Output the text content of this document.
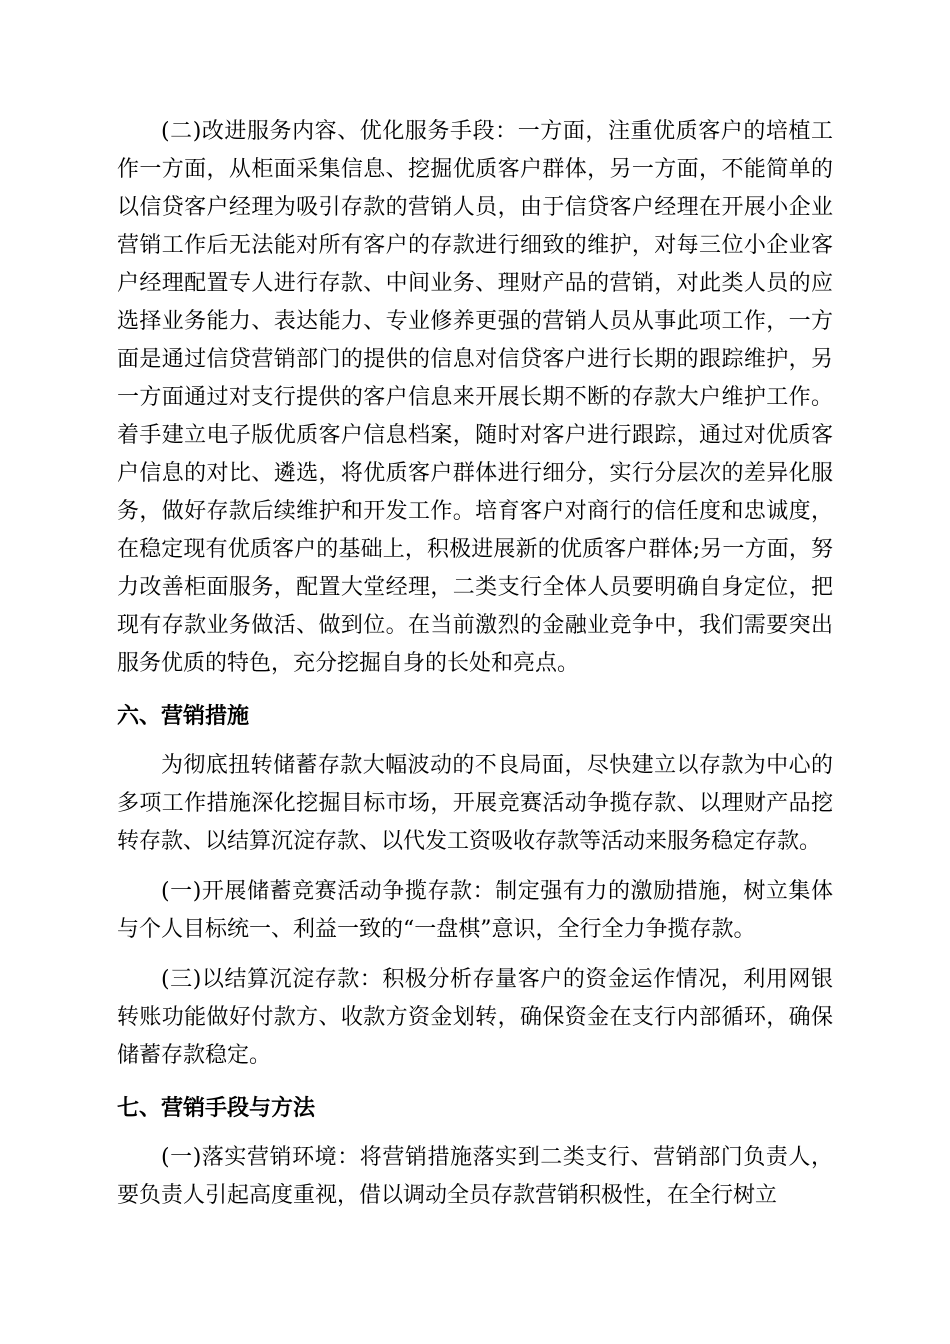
(二)改进服务内容、优化服务手段：一方面，注重优质客户的培植工作一方面，从柜面采集信息、挖掘优质客户群体，另一方面，不能简单的以信贷客户经理为吸引存款的营销人员，由于信贷客户经理在开展小企业营销工作后无法能对所有客户的存款进行细致的维护，对每三位小企业客户经理配置专人进行存款、中间业务、理财产品的营销，对此类人员的应选择业务能力、表达能力、专业修养更强的营销人员从事此项工作，一方面是通过信贷营销部门的提供的信息对信贷客户进行长期的跟踪维护，另一方面通过对支行提供的客户信息来开展长期不断的存款大户维护工作。着手建立电子版优质客户信息档案，随时对客户进行跟踪，通过对优质客户信息的对比、遴选，将优质客户群体进行细分，实行分层次的差异化服务，做好存款后续维护和开发工作。培育客户对商行的信任度和忠诚度，在稳定现有优质客户的基础上，积极进展新的优质客户群体;另一方面，努力改善柜面服务，配置大堂经理，二类支行全体人员要明确自身定位，把现有存款业务做活、做到位。在当前激烈的金融业竞争中，我们需要突出服务优质的特色，充分挖掘自身的长处和亮点。

六、营销措施

为彻底扭转储蓄存款大幅波动的不良局面，尽快建立以存款为中心的多项工作措施深化挖掘目标市场，开展竞赛活动争揽存款、以理财产品挖转存款、以结算沉淀存款、以代发工资吸收存款等活动来服务稳定存款。

(一)开展储蓄竞赛活动争揽存款：制定强有力的激励措施，树立集体与个人目标统一、利益一致的“一盘棋”意识，全行全力争揽存款。

(三)以结算沉淀存款：积极分析存量客户的资金运作情况，利用网银转账功能做好付款方、收款方资金划转，确保资金在支行内部循环，确保储蓄存款稳定。

七、营销手段与方法

(一)落实营销环境：将营销措施落实到二类支行、营销部门负责人，要负责人引起高度重视，借以调动全员存款营销积极性，在全行树立
